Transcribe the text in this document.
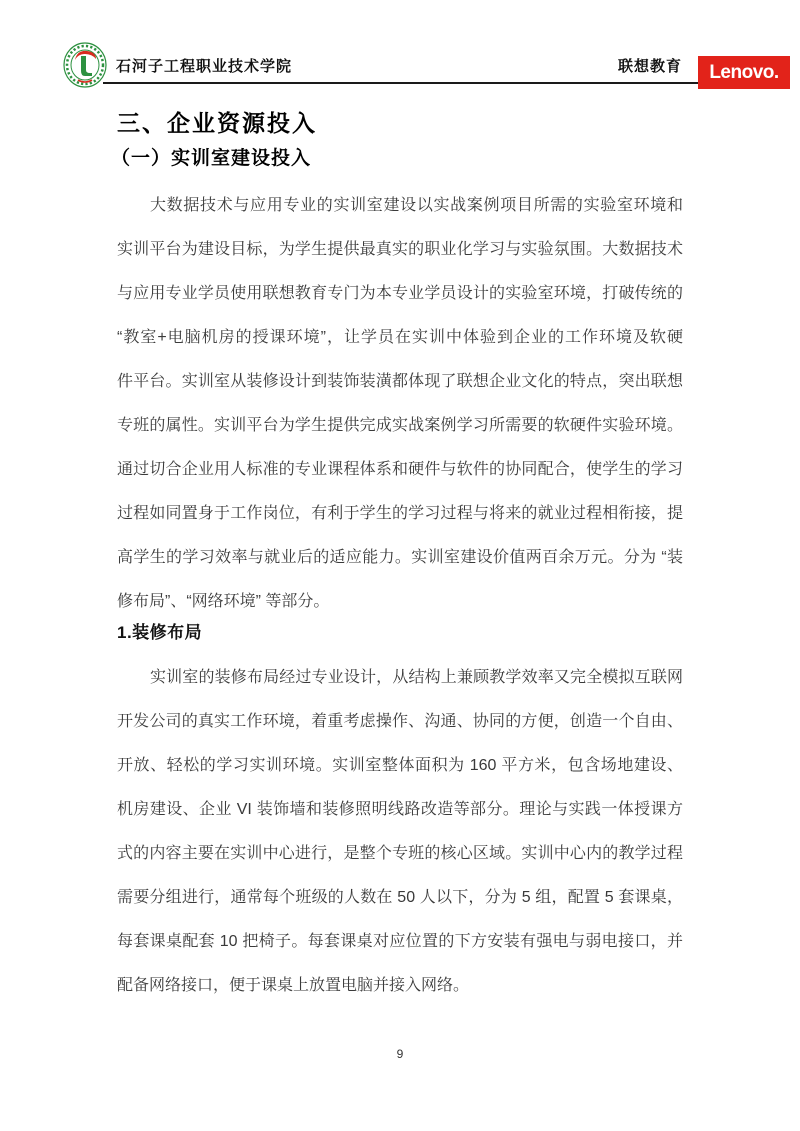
石河子工程职业技术学院	联想教育 Lenovo.
三、企业资源投入
（一）实训室建设投入
大数据技术与应用专业的实训室建设以实战案例项目所需的实验室环境和
实训平台为建设目标，为学生提供最真实的职业化学习与实验氛围。大数据技术
与应用专业学员使用联想教育专门为本专业学员设计的实验室环境，打破传统的
“教室+电脑机房的授课环境”，让学员在实训中体验到企业的工作环境及软硬
件平台。实训室从装修设计到装饰装潢都体现了联想企业文化的特点，突出联想
专班的属性。实训平台为学生提供完成实战案例学习所需要的软硬件实验环境。
通过切合企业用人标准的专业课程体系和硬件与软件的协同配合，使学生的学习
过程如同置身于工作岗位，有利于学生的学习过程与将来的就业过程相衔接，提
高学生的学习效率与就业后的适应能力。实训室建设价值两百余万元。分为 “装
修布局”、“网络环境” 等部分。
1.装修布局
实训室的装修布局经过专业设计，从结构上兼顾教学效率又完全模拟互联网
开发公司的真实工作环境，着重考虑操作、沟通、协同的方便，创造一个自由、
开放、轻松的学习实训环境。实训室整体面积为 160 平方米，包含场地建设、
机房建设、企业 VI 装饰墙和装修照明线路改造等部分。理论与实践一体授课方
式的内容主要在实训中心进行，是整个专班的核心区域。实训中心内的教学过程
需要分组进行，通常每个班级的人数在 50 人以下，分为 5 组，配置 5 套课桌，
每套课桌配套 10 把椅子。每套课桌对应位置的下方安装有强电与弱电接口，并
配备网络接口，便于课桌上放置电脑并接入网络。
9
